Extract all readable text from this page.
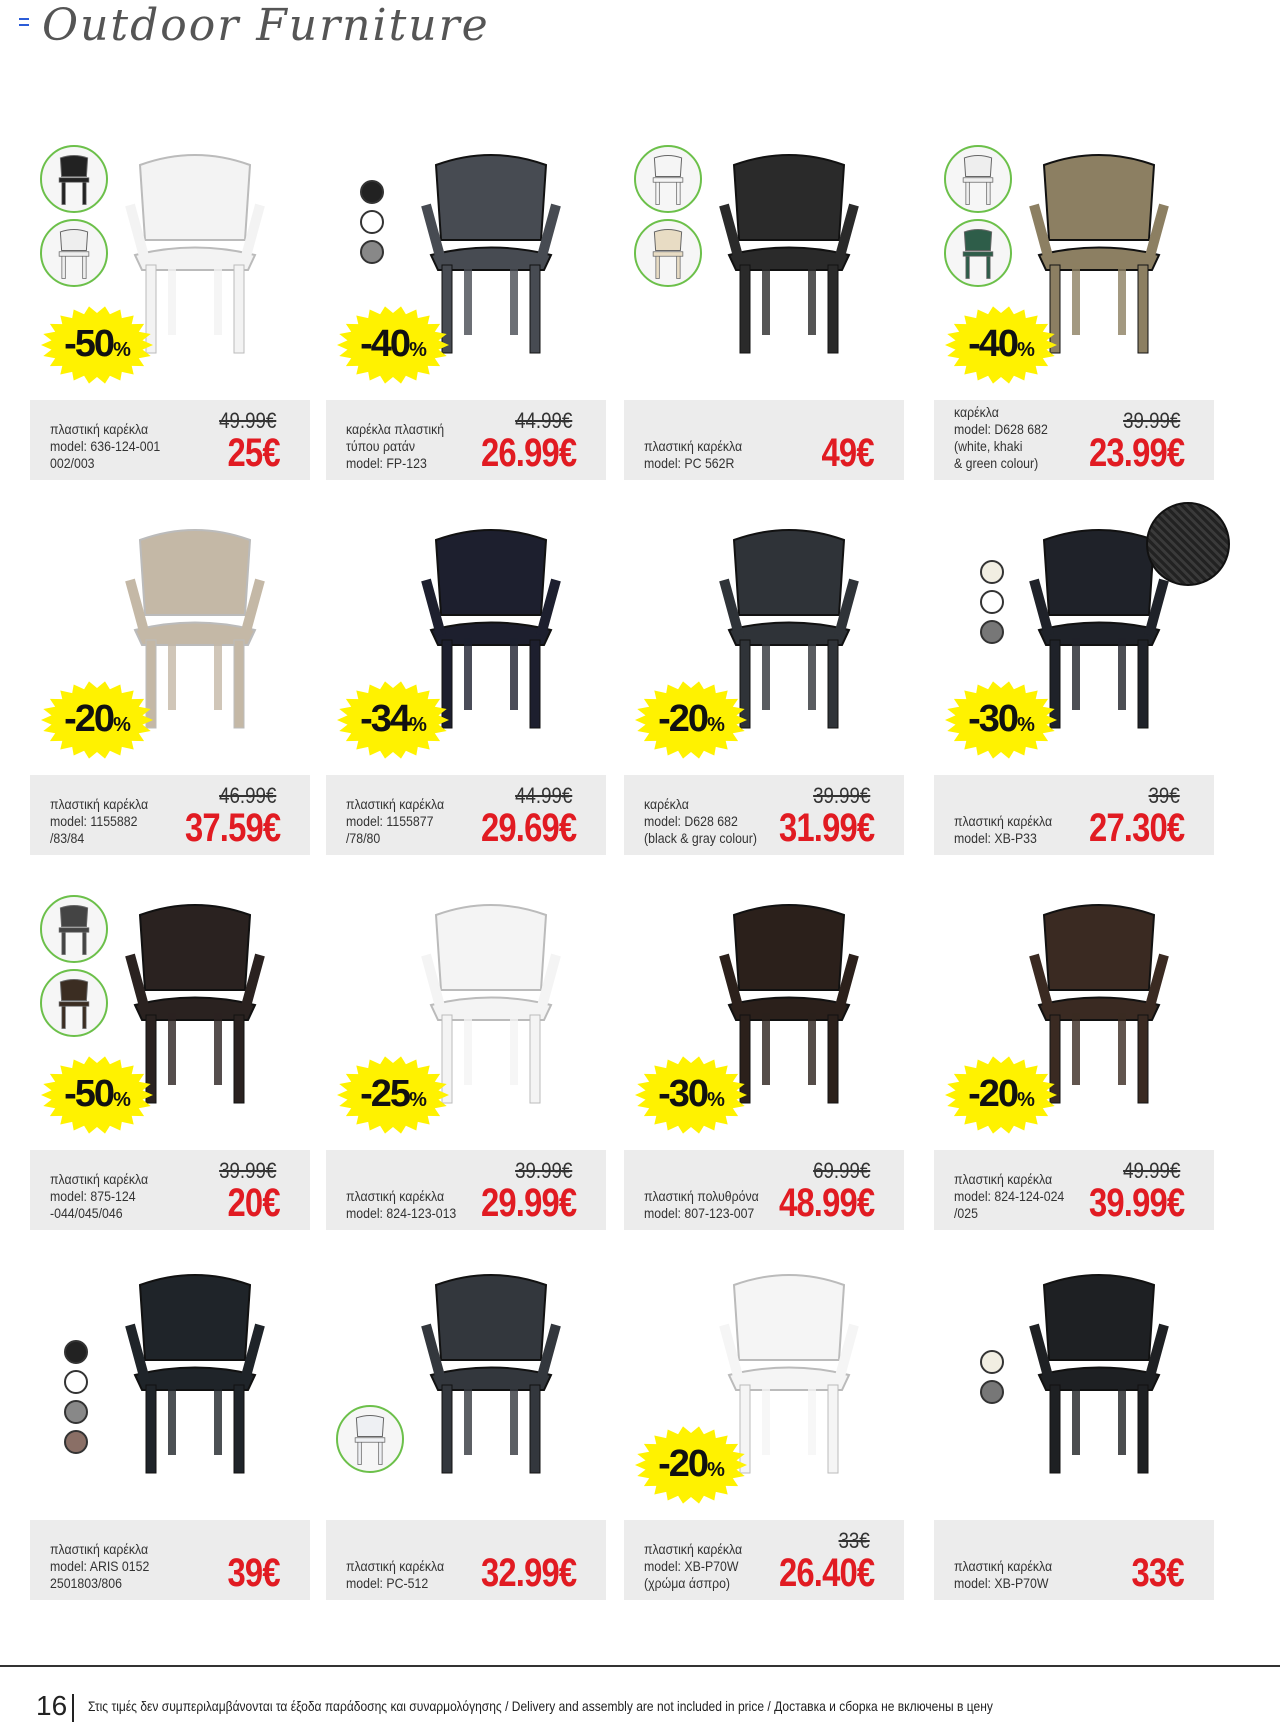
Outdoor Furniture
-50%
πλαστική καρέκλα
model: 636-124-001
002/003
49.99€
25€
-40%
καρέκλα πλαστική
τύπου ρατάν
model: FP-123
44.99€
26.99€	πλαστική καρέκλα
model: PC 562R	49€
-40%
καρέκλα
model: D628 682
(white, khaki
& green colour)
39.99€
23.99€
-20%
πλαστική καρέκλα
model: 1155882
/83/84
46.99€
37.59€
-34%
πλαστική καρέκλα
model: 1155877
/78/80
44.99€
29.69€
-20%
καρέκλα
model: D628 682
(black & gray colour)
39.99€
31.99€
-30%
πλαστική καρέκλα
model: XB-P33
39€
27.30€
-50%
πλαστική καρέκλα
model: 875-124
-044/045/046
39.99€
20€
-25%
πλαστική καρέκλα
model: 824-123-013
39.99€
29.99€
-30%
πλαστική πολυθρόνα
model: 807-123-007
69.99€
48.99€
-20%
πλαστική καρέκλα
model: 824-124-024
/025
49.99€
39.99€
πλαστική καρέκλα
model: ARIS 0152
2501803/806	39€	πλαστική καρέκλα
model: PC-512	32.99€
-20%
πλαστική καρέκλα
model: XB-P70W
(χρώμα άσπρο)
33€
26.40€	πλαστική καρέκλα
model: XB-P70W	33€
16 Στις τιμές δεν συμπεριλαμβάνονται τα έξοδα παράδοσης και συναρμολόγησης / Delivery and assembly are not included in price / Доставка и сборка не включены в цену
